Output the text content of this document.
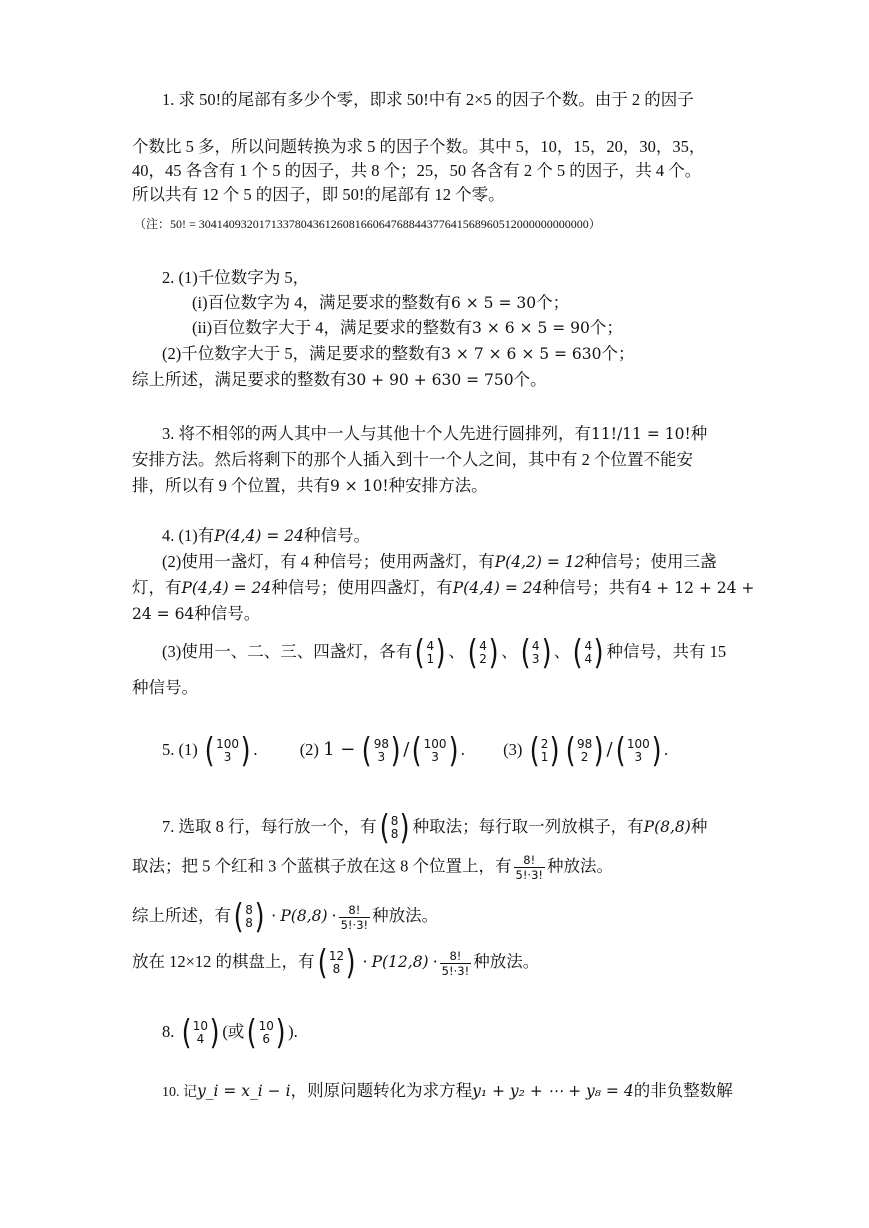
1. 求 50!的尾部有多少个零，即求 50!中有 2×5 的因子个数。由于 2 的因子
个数比 5 多，所以问题转换为求 5 的因子个数。其中 5，10，15，20，30，35，
40，45 各含有 1 个 5 的因子，共 8 个；25，50 各含有 2 个 5 的因子，共 4 个。
所以共有 12 个 5 的因子，即 50!的尾部有 12 个零。
（注：50! = 30414093201713378043612608166064768844377641568960512000000000000）
2. (1)千位数字为 5，
(i)百位数字为 4，满足要求的整数有6 × 5 = 30个；
(ii)百位数字大于 4，满足要求的整数有3 × 6 × 5 = 90个；
(2)千位数字大于 5，满足要求的整数有3 × 7 × 6 × 5 = 630个；
综上所述，满足要求的整数有30 + 90 + 630 = 750个。
3. 将不相邻的两人其中一人与其他十个人先进行圆排列，有11!/11 = 10!种
安排方法。然后将剩下的那个人插入到十一个人之间，其中有 2 个位置不能安
排，所以有 9 个位置，共有9 × 10!种安排方法。
4. (1)有P(4,4) = 24种信号。
(2)使用一盏灯，有 4 种信号；使用两盏灯，有P(4,2) = 12种信号；使用三盏
灯，有P(4,4) = 24种信号；使用四盏灯，有P(4,4) = 24种信号；共有4 + 12 + 24 +
24 = 64种信号。
(3)使用一、二、三、四盏灯，各有 ( 4
1 ) 、 ( 4
2 ) 、 ( 4
3 ) 、 ( 4
4 ) 种信号，共有 15
种信号。
5. (1) ( 100
3 ) .	(2) 1 − ( 98
3 ) / ( 100
3 ) . (3) ( 2
1 ) ( 98
2 ) / ( 100
3 ) .
7. 选取 8 行，每行放一个，有 ( 8
8 ) 种取法；每行取一列放棋子，有P(8,8)种
取法；把 5 个红和 3 个蓝棋子放在这 8 个位置上，有 $\frac{8!}{5!\cdot 3!}$ 种放法。
综上所述，有 ( 8
8 ) · $P(8,8) \cdot \frac{8!}{5!\cdot 3!}$ 种放法。
放在 12×12 的棋盘上，有 ( 12
8 ) · $P(12,8) \cdot \frac{8!}{5!\cdot 3!}$ 种放法。
8. ( 10
4 ) (或 ( 10
6 ) ).
10. 记y_i = x_i − i，则原问题转化为求方程y₁ + y₂ + ⋯ + y₈ = 4的非负整数解
